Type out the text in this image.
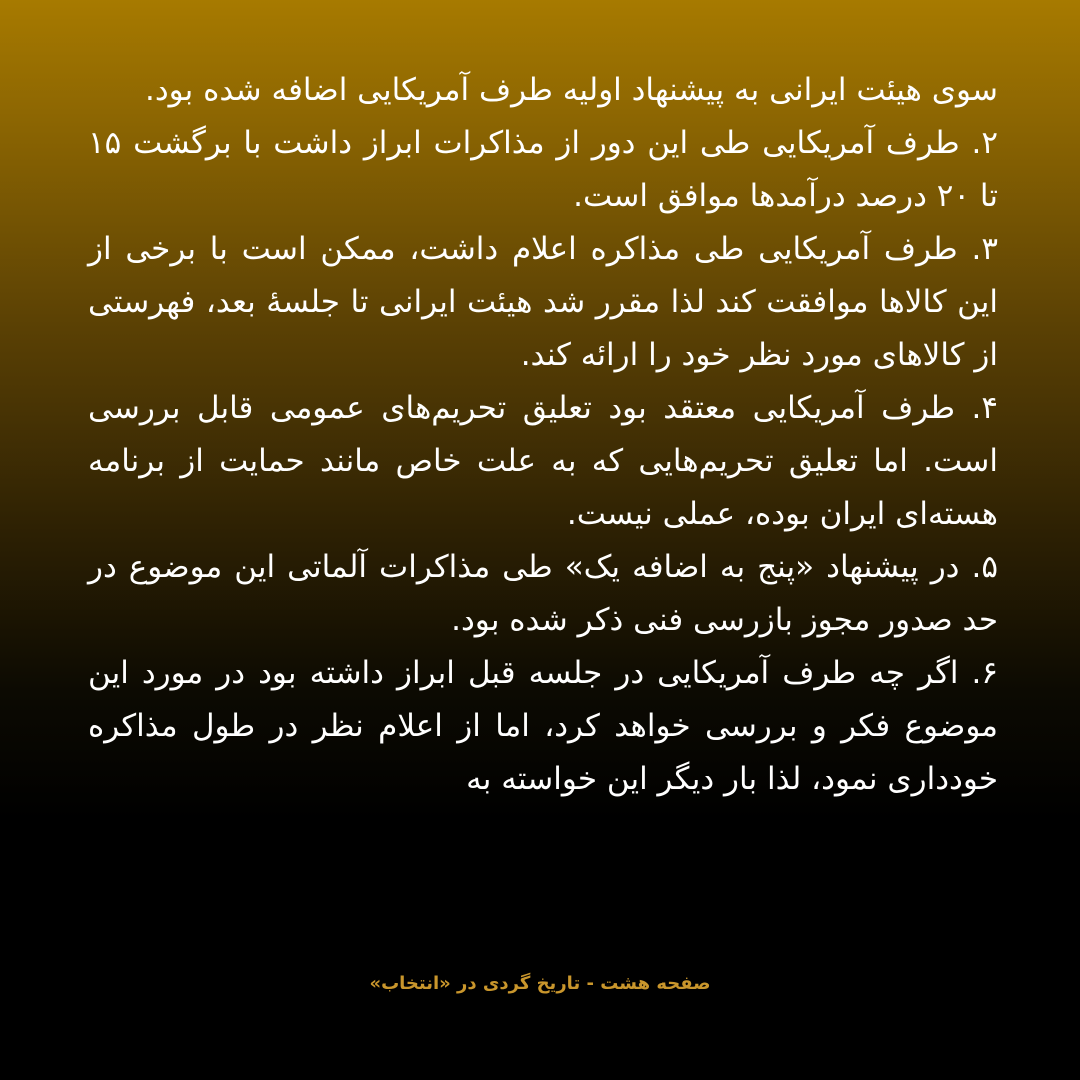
سوی هیئت ایرانی به پیشنهاد اولیه طرف آمریکایی اضافه شده بود.

۲. طرف آمریکایی طی این دور از مذاکرات ابراز داشت با برگشت ۱۵ تا ۲۰ درصد درآمدها موافق است.

۳. طرف آمریکایی طی مذاکره اعلام داشت، ممکن است با برخی از این کالاها موافقت کند لذا مقرر شد هیئت ایرانی تا جلسهٔ بعد، فهرستی از کالاهای مورد نظر خود را ارائه کند.

۴. طرف آمریکایی معتقد بود تعلیق تحریم‌های عمومی قابل بررسی است. اما تعلیق تحریم‌هایی که به علت خاص مانند حمایت از برنامه هسته‌ای ایران بوده، عملی نیست.

۵. در پیشنهاد «پنج به اضافه یک» طی مذاکرات آلماتی این موضوع در حد صدور مجوز بازرسی فنی ذکر شده بود.

۶. اگر چه طرف آمریکایی در جلسه قبل ابراز داشته بود در مورد این موضوع فکر و بررسی خواهد کرد، اما از اعلام نظر در طول مذاکره خودداری نمود، لذا بار دیگر این خواسته به

صفحه هشت - تاریخ گردی در «انتخاب»
